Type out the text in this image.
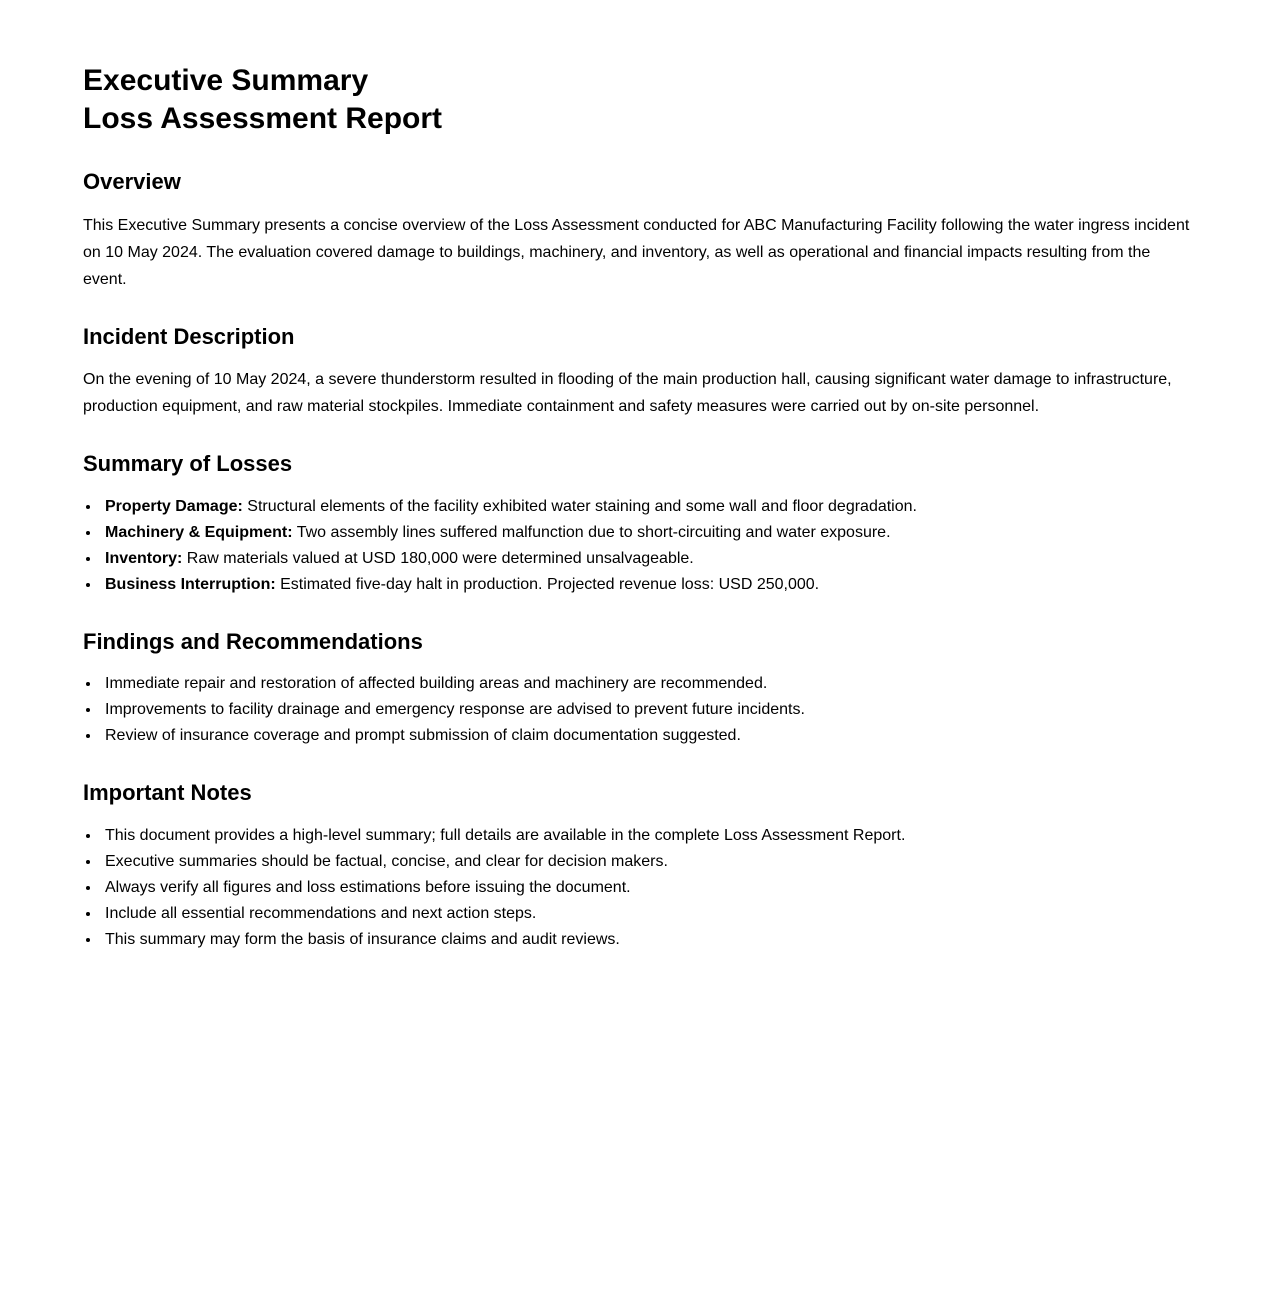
Executive Summary
Loss Assessment Report
Overview

This Executive Summary presents a concise overview of the Loss Assessment conducted for ABC Manufacturing Facility following the water ingress incident on 10 May 2024. The evaluation covered damage to buildings, machinery, and inventory, as well as operational and financial impacts resulting from the event.

Incident Description

On the evening of 10 May 2024, a severe thunderstorm resulted in flooding of the main production hall, causing significant water damage to infrastructure, production equipment, and raw material stockpiles. Immediate containment and safety measures were carried out by on-site personnel.

Summary of Losses
• Property Damage: Structural elements of the facility exhibited water staining and some wall and floor degradation.
• Machinery & Equipment: Two assembly lines suffered malfunction due to short-circuiting and water exposure.
• Inventory: Raw materials valued at USD 180,000 were determined unsalvageable.
• Business Interruption: Estimated five-day halt in production. Projected revenue loss: USD 250,000.
Findings and Recommendations
• Immediate repair and restoration of affected building areas and machinery are recommended.
• Improvements to facility drainage and emergency response are advised to prevent future incidents.
• Review of insurance coverage and prompt submission of claim documentation suggested.
Important Notes
• This document provides a high-level summary; full details are available in the complete Loss Assessment Report.
• Executive summaries should be factual, concise, and clear for decision makers.
• Always verify all figures and loss estimations before issuing the document.
• Include all essential recommendations and next action steps.
• This summary may form the basis of insurance claims and audit reviews.
